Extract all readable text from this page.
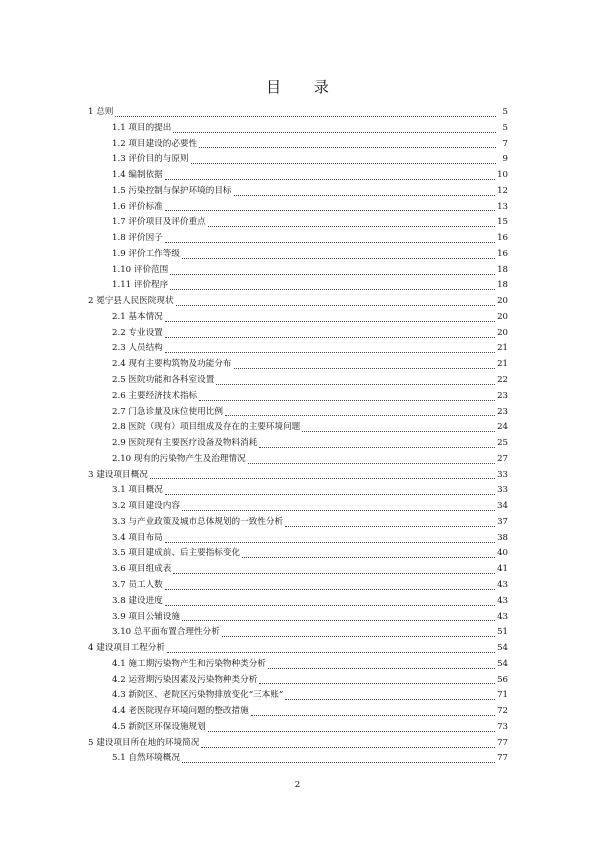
目 录
1 总则	5
1.1 项目的提出	5
1.2 项目建设的必要性	7
1.3 评价目的与原则	9
1.4 编制依据	10
1.5 污染控制与保护环境的目标	12
1.6 评价标准	13
1.7 评价项目及评价重点	15
1.8 评价因子	16
1.9 评价工作等级	16
1.10 评价范围	18
1.11 评价程序	18
2 冕宁县人民医院现状	20
2.1 基本情况	20
2.2 专业设置	20
2.3 人员结构	21
2.4 现有主要构筑物及功能分布	21
2.5 医院功能和各科室设置	22
2.6 主要经济技术指标	23
2.7 门急诊量及床位使用比例	23
2.8 医院（现有）项目组成及存在的主要环境问题	24
2.9 医院现有主要医疗设备及物料消耗	25
2.10 现有的污染物产生及治理情况	27
3 建设项目概况	33
3.1 项目概况	33
3.2 项目建设内容	34
3.3 与产业政策及城市总体规划的一致性分析	37
3.4 项目布局	38
3.5 项目建成前、后主要指标变化	40
3.6 项目组成表	41
3.7 员工人数	43
3.8 建设进度	43
3.9 项目公辅设施	43
3.10 总平面布置合理性分析	51
4 建设项目工程分析	54
4.1 施工期污染物产生和污染物种类分析	54
4.2 运营期污染因素及污染物种类分析	56
4.3 新院区、老院区污染物排放变化“三本账”	71
4.4 老医院现存环境问题的整改措施	72
4.5 新院区环保设施规划	73
5 建设项目所在地的环境简况	77
5.1 自然环境概况	77
2
